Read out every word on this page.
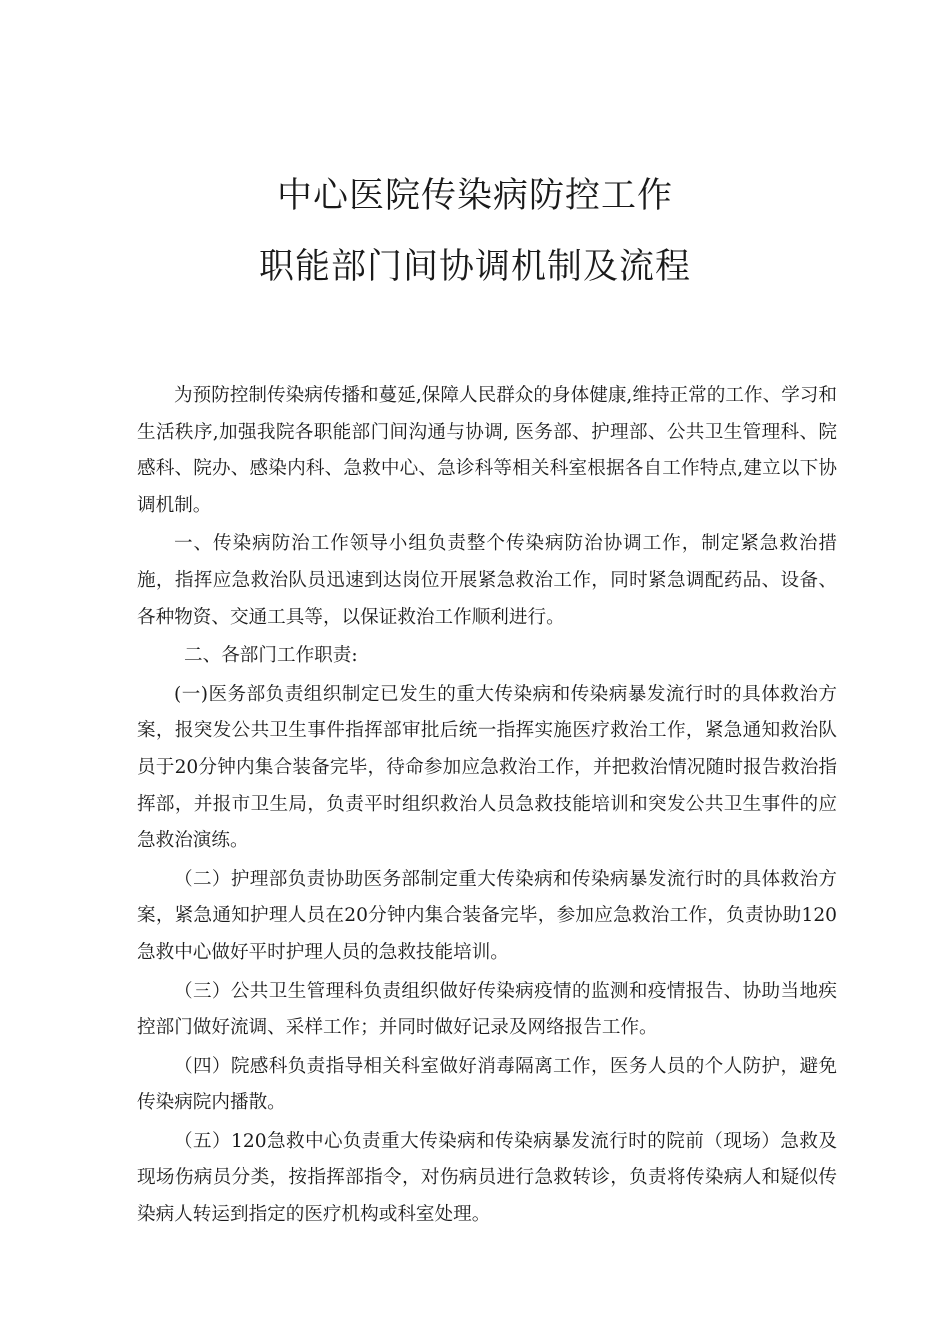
中心医院传染病防控工作
职能部门间协调机制及流程

为预防控制传染病传播和蔓延,保障人民群众的身体健康,维持正常的工作、学习和生活秩序,加强我院各职能部门间沟通与协调, 医务部、护理部、公共卫生管理科、院感科、院办、感染内科、急救中心、急诊科等相关科室根据各自工作特点,建立以下协调机制。

一、传染病防治工作领导小组负责整个传染病防治协调工作，制定紧急救治措施，指挥应急救治队员迅速到达岗位开展紧急救治工作，同时紧急调配药品、设备、各种物资、交通工具等，以保证救治工作顺利进行。

二、各部门工作职责:

(一)医务部负责组织制定已发生的重大传染病和传染病暴发流行时的具体救治方案，报突发公共卫生事件指挥部审批后统一指挥实施医疗救治工作，紧急通知救治队员于20分钟内集合装备完毕，待命参加应急救治工作，并把救治情况随时报告救治指挥部，并报市卫生局，负责平时组织救治人员急救技能培训和突发公共卫生事件的应急救治演练。

（二）护理部负责协助医务部制定重大传染病和传染病暴发流行时的具体救治方案，紧急通知护理人员在20分钟内集合装备完毕，参加应急救治工作，负责协助120急救中心做好平时护理人员的急救技能培训。

（三）公共卫生管理科负责组织做好传染病疫情的监测和疫情报告、协助当地疾控部门做好流调、采样工作；并同时做好记录及网络报告工作。

（四）院感科负责指导相关科室做好消毒隔离工作，医务人员的个人防护，避免传染病院内播散。

（五）120急救中心负责重大传染病和传染病暴发流行时的院前（现场）急救及现场伤病员分类，按指挥部指令，对伤病员进行急救转诊，负责将传染病人和疑似传染病人转运到指定的医疗机构或科室处理。
